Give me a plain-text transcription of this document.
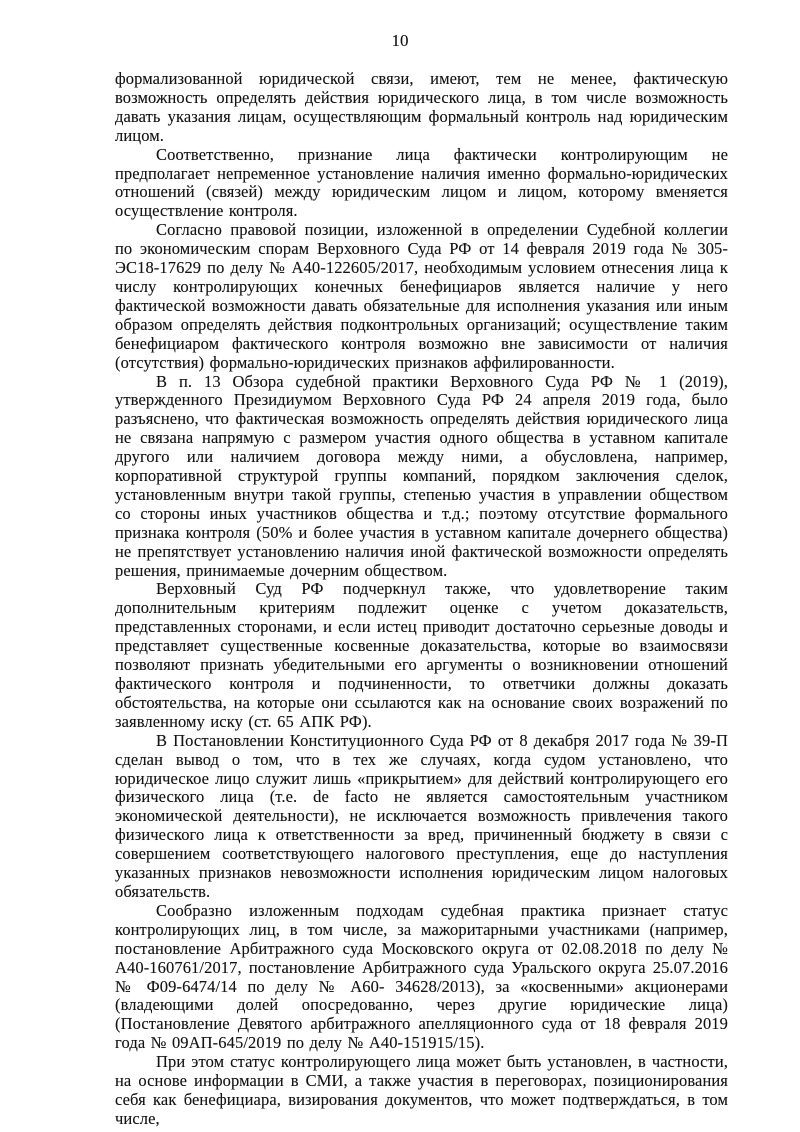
10

формализованной юридической связи, имеют, тем не менее, фактическую возможность определять действия юридического лица, в том числе возможность давать указания лицам, осуществляющим формальный контроль над юридическим лицом.

Соответственно, признание лица фактически контролирующим не предполагает непременное установление наличия именно формально-юридических отношений (связей) между юридическим лицом и лицом, которому вменяется осуществление контроля.

Согласно правовой позиции, изложенной в определении Судебной коллегии по экономическим спорам Верховного Суда РФ от 14 февраля 2019 года № 305-ЭС18-17629 по делу № А40-122605/2017, необходимым условием отнесения лица к числу контролирующих конечных бенефициаров является наличие у него фактической возможности давать обязательные для исполнения указания или иным образом определять действия подконтрольных организаций; осуществление таким бенефициаром фактического контроля возможно вне зависимости от наличия (отсутствия) формально-юридических признаков аффилированности.

В п. 13 Обзора судебной практики Верховного Суда РФ № 1 (2019), утвержденного Президиумом Верховного Суда РФ 24 апреля 2019 года, было разъяснено, что фактическая возможность определять действия юридического лица не связана напрямую с размером участия одного общества в уставном капитале другого или наличием договора между ними, а обусловлена, например, корпоративной структурой группы компаний, порядком заключения сделок, установленным внутри такой группы, степенью участия в управлении обществом со стороны иных участников общества и т.д.; поэтому отсутствие формального признака контроля (50% и более участия в уставном капитале дочернего общества) не препятствует установлению наличия иной фактической возможности определять решения, принимаемые дочерним обществом.

Верховный Суд РФ подчеркнул также, что удовлетворение таким дополнительным критериям подлежит оценке с учетом доказательств, представленных сторонами, и если истец приводит достаточно серьезные доводы и представляет существенные косвенные доказательства, которые во взаимосвязи позволяют признать убедительными его аргументы о возникновении отношений фактического контроля и подчиненности, то ответчики должны доказать обстоятельства, на которые они ссылаются как на основание своих возражений по заявленному иску (ст. 65 АПК РФ).

В Постановлении Конституционного Суда РФ от 8 декабря 2017 года № 39-П сделан вывод о том, что в тех же случаях, когда судом установлено, что юридическое лицо служит лишь «прикрытием» для действий контролирующего его физического лица (т.е. de facto не является самостоятельным участником экономической деятельности), не исключается возможность привлечения такого физического лица к ответственности за вред, причиненный бюджету в связи с совершением соответствующего налогового преступления, еще до наступления указанных признаков невозможности исполнения юридическим лицом налоговых обязательств.

Сообразно изложенным подходам судебная практика признает статус контролирующих лиц, в том числе, за мажоритарными участниками (например, постановление Арбитражного суда Московского округа от 02.08.2018 по делу № А40-160761/2017, постановление Арбитражного суда Уральского округа 25.07.2016 № Ф09-6474/14 по делу № А60- 34628/2013), за «косвенными» акционерами (владеющими долей опосредованно, через другие юридические лица) (Постановление Девятого арбитражного апелляционного суда от 18 февраля 2019 года № 09АП-645/2019 по делу № А40-151915/15).

При этом статус контролирующего лица может быть установлен, в частности, на основе информации в СМИ, а также участия в переговорах, позиционирования себя как бенефициара, визирования документов, что может подтверждаться, в том числе,
